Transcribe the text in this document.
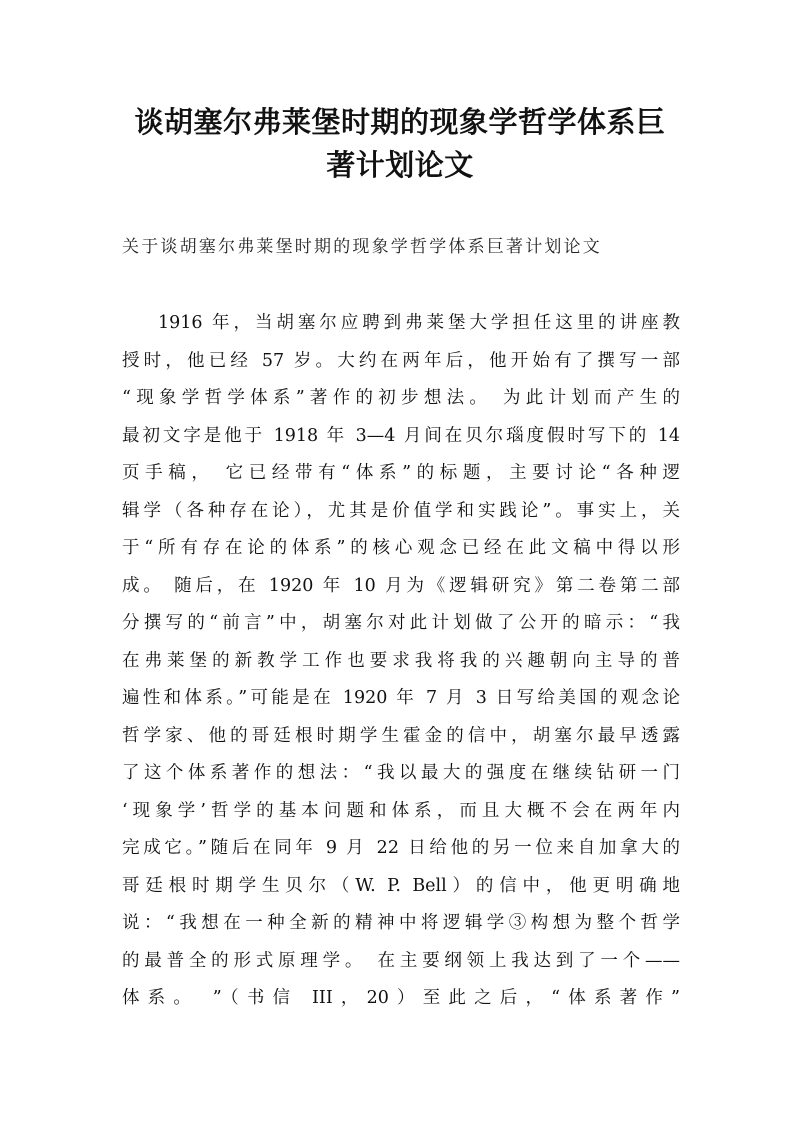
谈胡塞尔弗莱堡时期的现象学哲学体系巨
著计划论文

关于谈胡塞尔弗莱堡时期的现象学哲学体系巨著计划论文

1916 年，当胡塞尔应聘到弗莱堡大学担任这里的讲座教
授时，他已经 57 岁。大约在两年后，他开始有了撰写一部
“现象学哲学体系”著作的初步想法。 为此计划而产生的
最初文字是他于 1918 年 3—4 月间在贝尔瑙度假时写下的 14
页手稿， 它已经带有“体系”的标题，主要讨论“各种逻
辑学（各种存在论），尤其是价值学和实践论”。事实上，关
于“所有存在论的体系”的核心观念已经在此文稿中得以形
成。 随后，在 1920 年 10 月为《逻辑研究》第二卷第二部
分撰写的“前言”中，胡塞尔对此计划做了公开的暗示：“我
在弗莱堡的新教学工作也要求我将我的兴趣朝向主导的普
遍性和体系。”可能是在 1920 年 7 月 3 日写给美国的观念论
哲学家、他的哥廷根时期学生霍金的信中，胡塞尔最早透露
了这个体系著作的想法：“我以最大的强度在继续钻研一门
‘现象学’哲学的基本问题和体系，而且大概不会在两年内
完成它。”随后在同年 9 月 22 日给他的另一位来自加拿大的
哥廷根时期学生贝尔（W. P. Bell）的信中，他更明确地
说：“我想在一种全新的精神中将逻辑学③构想为整个哲学
的最普全的形式原理学。 在主要纲领上我达到了一个——
体系。 ”（书信 III，20）至此之后，“体系著作”
